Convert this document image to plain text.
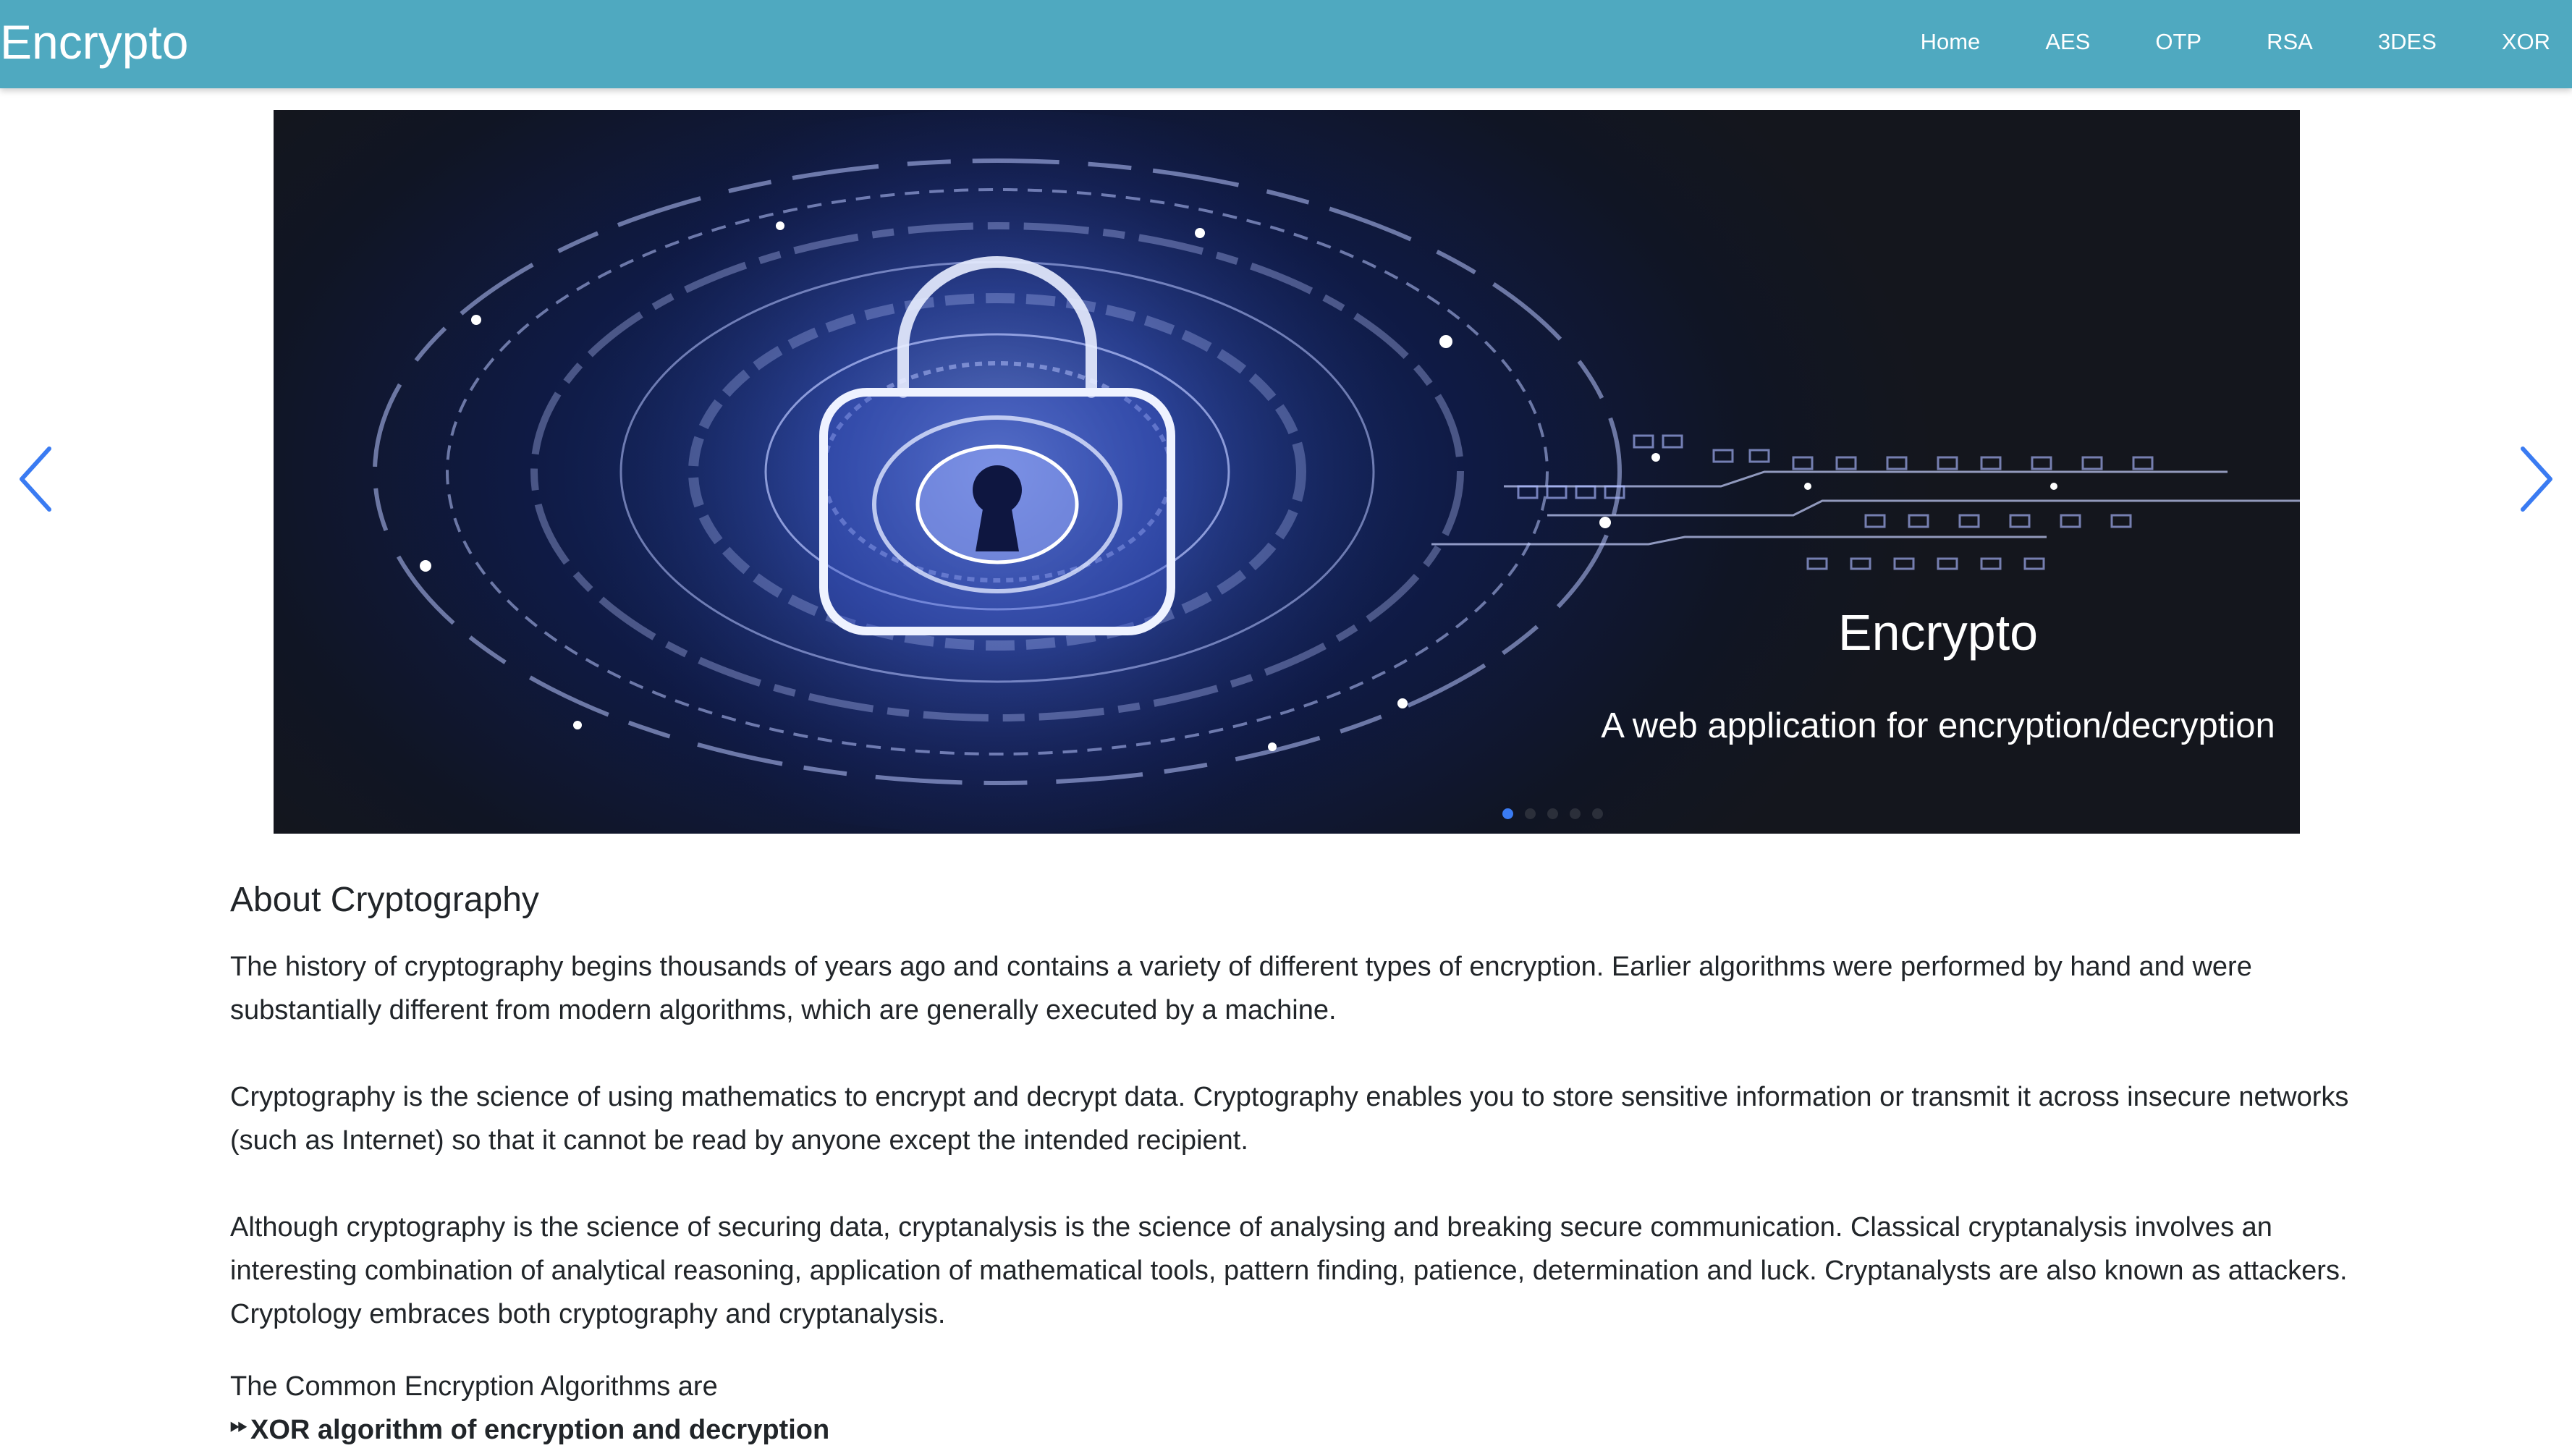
Encrypto	Home	AES	OTP	RSA	3DES	XOR
Encrypto
A web application for encryption/decryption
About Cryptography

The history of cryptography begins thousands of years ago and contains a variety of different types of encryption. Earlier algorithms were performed by hand and were substantially different from modern algorithms, which are generally executed by a machine.

Cryptography is the science of using mathematics to encrypt and decrypt data. Cryptography enables you to store sensitive information or transmit it across insecure networks (such as Internet) so that it cannot be read by anyone except the intended recipient.

Although cryptography is the science of securing data, cryptanalysis is the science of analysing and breaking secure communication. Classical cryptanalysis involves an interesting combination of analytical reasoning, application of mathematical tools, pattern finding, patience, determination and luck. Cryptanalysts are also known as attackers. Cryptology embraces both cryptography and cryptanalysis.

The Common Encryption Algorithms are
⏩︎ XOR algorithm of encryption and decryption
